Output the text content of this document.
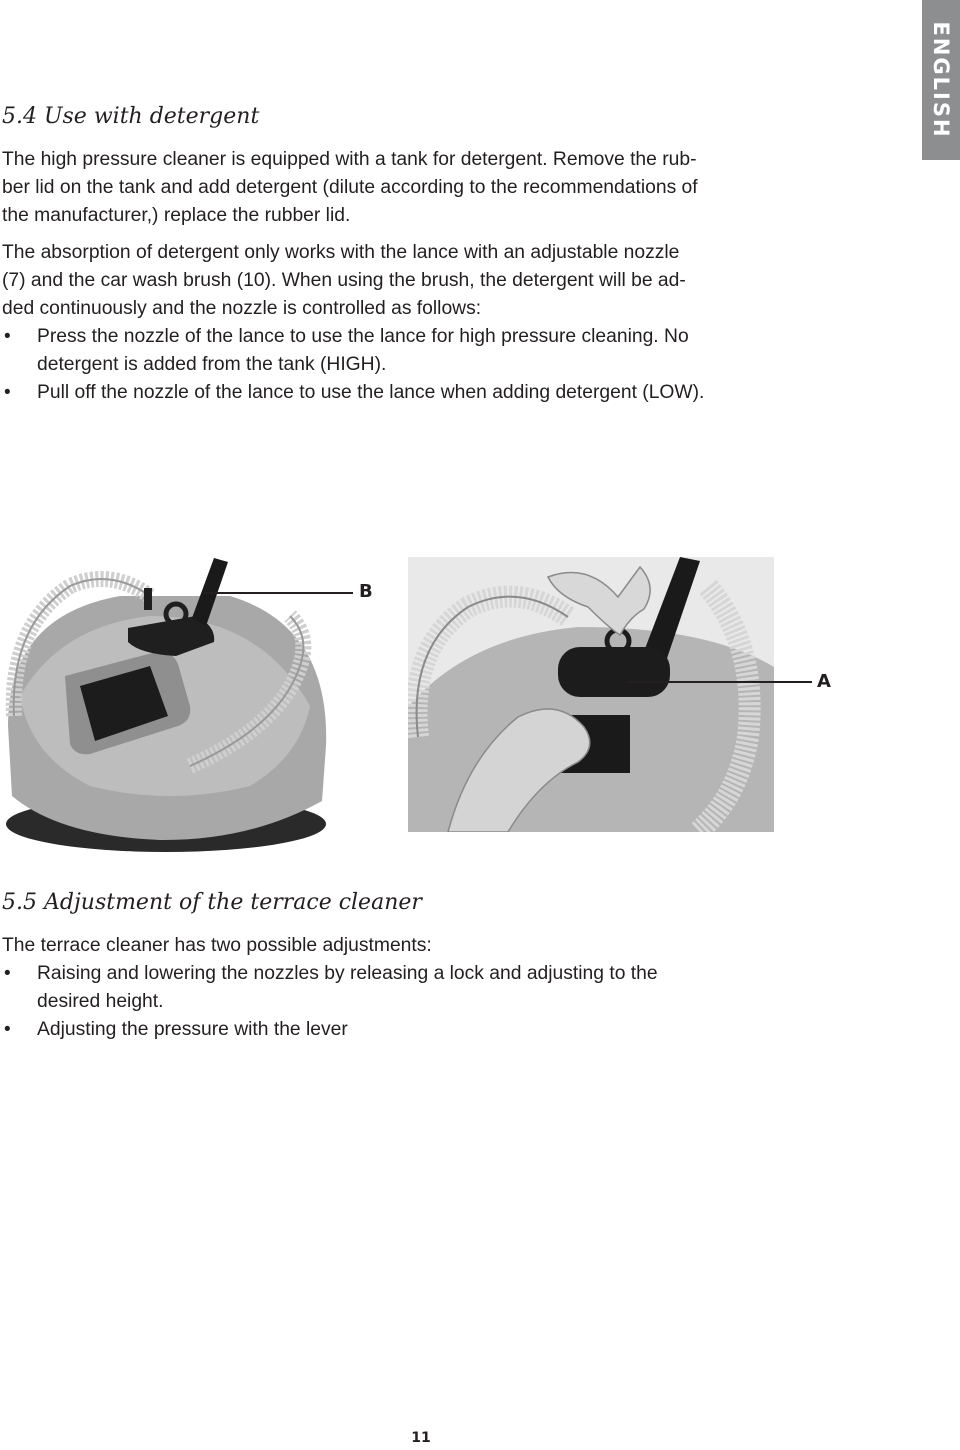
ENGLISH
5.4 Use with detergent

The high pressure cleaner is equipped with a tank for detergent. Remove the rub-
ber lid on the tank and add detergent (dilute according to the recommendations of
the manufacturer,) replace the rubber lid.

The absorption of detergent only works with the lance with an adjustable nozzle
(7) and the car wash brush (10). When using the brush, the detergent will be ad-
ded continuously and the nozzle is controlled as follows:

• Press the nozzle of the lance to use the lance for high pressure cleaning. No
detergent is added from the tank (HIGH).
• Pull off the nozzle of the lance to use the lance when adding detergent (LOW).
B
A
5.5 Adjustment of the terrace cleaner

The terrace cleaner has two possible adjustments:

• Raising and lowering the nozzles by releasing a lock and adjusting to the
desired height.
• Adjusting the pressure with the lever
11
